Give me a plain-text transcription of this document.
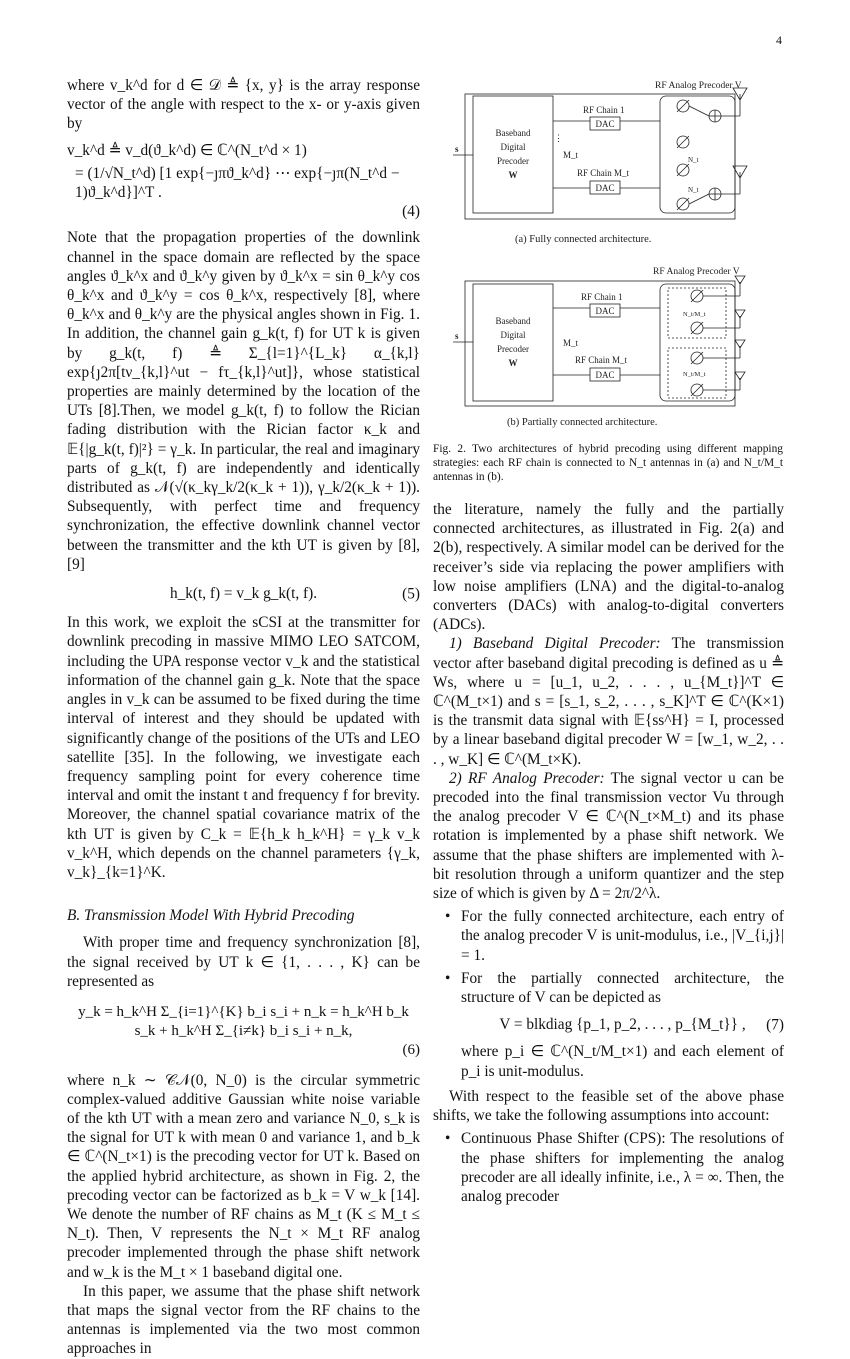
4

where v_k^d for d ∈ 𝒟 ≜ {x, y} is the array response vector of the angle with respect to the x- or y-axis given by

v_k^d ≜ v_d(ϑ_k^d) ∈ ℂ^(N_t^d × 1)
= (1/√N_t^d) [1 exp{−ȷπϑ_k^d} ⋯ exp{−ȷπ(N_t^d − 1)ϑ_k^d}]^T .
(4)

Note that the propagation properties of the downlink channel in the space domain are reflected by the space angles ϑ_k^x and ϑ_k^y given by ϑ_k^x = sin θ_k^y cos θ_k^x and ϑ_k^y = cos θ_k^x, respectively [8], where θ_k^x and θ_k^y are the physical angles shown in Fig. 1. In addition, the channel gain g_k(t, f) for UT k is given by g_k(t, f) ≜ Σ_{l=1}^{L_k} α_{k,l} exp{ȷ2π[tν_{k,l}^ut − fτ_{k,l}^ut]}, whose statistical properties are mainly determined by the location of the UTs [8].Then, we model g_k(t, f) to follow the Rician fading distribution with the Rician factor κ_k and 𝔼{|g_k(t, f)|²} = γ_k. In particular, the real and imaginary parts of g_k(t, f) are independently and identically distributed as 𝒩(√(κ_kγ_k/2(κ_k + 1)), γ_k/2(κ_k + 1)). Subsequently, with perfect time and frequency synchronization, the effective downlink channel vector between the transmitter and the kth UT is given by [8], [9]

h_k(t, f) = v_k g_k(t, f).	(5)

In this work, we exploit the sCSI at the transmitter for downlink precoding in massive MIMO LEO SATCOM, including the UPA response vector v_k and the statistical information of the channel gain g_k. Note that the space angles in v_k can be assumed to be fixed during the time interval of interest and they should be updated with significantly change of the positions of the UTs and LEO satellite [35]. In the following, we investigate each frequency sampling point for every coherence time interval and omit the instant t and frequency f for brevity. Moreover, the channel spatial covariance matrix of the kth UT is given by C_k = 𝔼{h_k h_k^H} = γ_k v_k v_k^H, which depends on the channel parameters {γ_k, v_k}_{k=1}^K.

B. Transmission Model With Hybrid Precoding

With proper time and frequency synchronization [8], the signal received by UT k ∈ {1, . . . , K} can be represented as

y_k = h_k^H Σ_{i=1}^{K} b_i s_i + n_k = h_k^H b_k s_k + h_k^H Σ_{i≠k} b_i s_i + n_k,
(6)

where n_k ∼ 𝒞𝒩(0, N_0) is the circular symmetric complex-valued additive Gaussian white noise variable of the kth UT with a mean zero and variance N_0, s_k is the signal for UT k with mean 0 and variance 1, and b_k ∈ ℂ^(N_t×1) is the precoding vector for UT k. Based on the applied hybrid architecture, as shown in Fig. 2, the precoding vector can be factorized as b_k = V w_k [14]. We denote the number of RF chains as M_t (K ≤ M_t ≤ N_t). Then, V represents the N_t × M_t RF analog precoder implemented through the phase shift network and w_k is the M_t × 1 baseband digital one.

In this paper, we assume that the phase shift network that maps the signal vector from the RF chains to the antennas is implemented via the two most common approaches in

RF Analog Precoder V
Baseband
Digital
Precoder
W
s
RF Chain 1
RF Chain M_t
DAC
DAC
M_t
⋮
N_t
N_t
(a) Fully connected architecture.
RF Analog Precoder V
Baseband
Digital
Precoder
W
s
RF Chain 1
RF Chain M_t
DAC
DAC
M_t
N_t/M_t
N_t/M_t
(b) Partially connected architecture.

Fig. 2. Two architectures of hybrid precoding using different mapping strategies: each RF chain is connected to N_t antennas in (a) and N_t/M_t antennas in (b).

the literature, namely the fully and the partially connected architectures, as illustrated in Fig. 2(a) and 2(b), respectively. A similar model can be derived for the receiver’s side via replacing the power amplifiers with low noise amplifiers (LNA) and the digital-to-analog converters (DACs) with analog-to-digital converters (ADCs).

1) Baseband Digital Precoder: The transmission vector after baseband digital precoding is defined as u ≜ Ws, where u = [u_1, u_2, . . . , u_{M_t}]^T ∈ ℂ^(M_t×1) and s = [s_1, s_2, . . . , s_K]^T ∈ ℂ^(K×1) is the transmit data signal with 𝔼{ss^H} = I, processed by a linear baseband digital precoder W = [w_1, w_2, . . . , w_K] ∈ ℂ^(M_t×K).

2) RF Analog Precoder: The signal vector u can be precoded into the final transmission vector Vu through the analog precoder V ∈ ℂ^(N_t×M_t) and its phase rotation is implemented by a phase shift network. We assume that the phase shifters are implemented with λ-bit resolution through a uniform quantizer and the step size of which is given by Δ = 2π/2^λ.

• For the fully connected architecture, each entry of the analog precoder V is unit-modulus, i.e., |V_{i,j}| = 1.

• For the partially connected architecture, the structure of V can be depicted as

V = blkdiag {p_1, p_2, . . . , p_{M_t}} , (7)

where p_i ∈ ℂ^(N_t/M_t×1) and each element of p_i is unit-modulus.

With respect to the feasible set of the above phase shifts, we take the following assumptions into account:

• Continuous Phase Shifter (CPS): The resolutions of the phase shifters for implementing the analog precoder are all ideally infinite, i.e., λ = ∞. Then, the analog precoder
